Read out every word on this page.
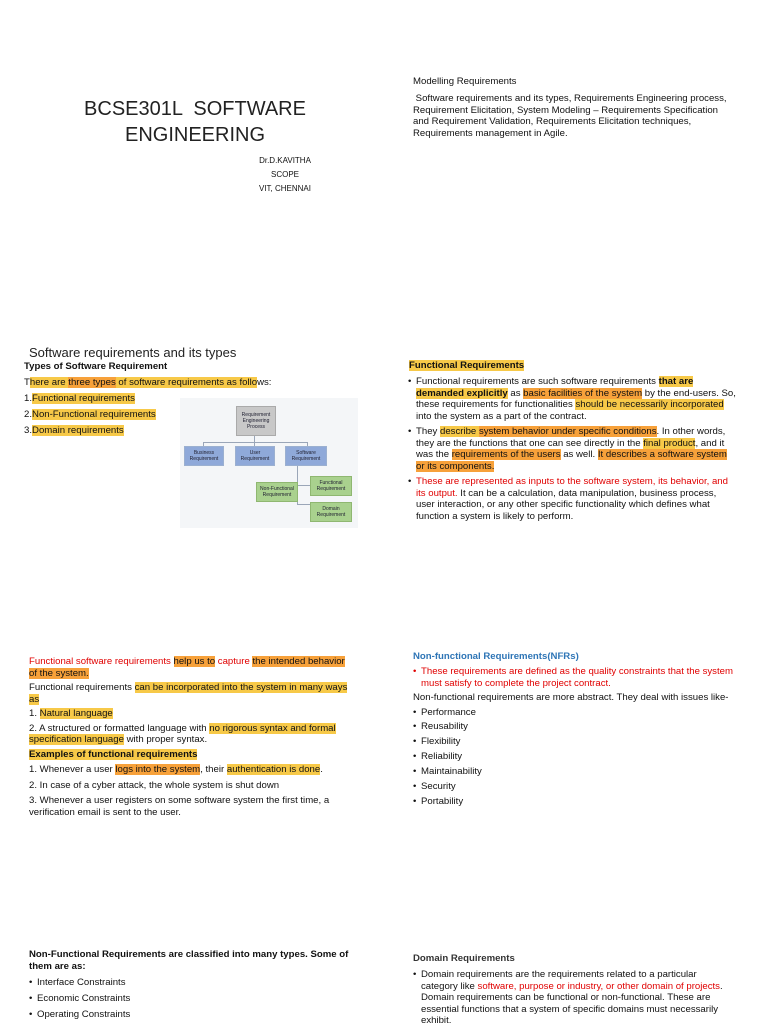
BCSE301L  SOFTWARE
ENGINEERING
Dr.D.KAVITHA
SCOPE
VIT, CHENNAI
Modelling Requirements
Software requirements and its types, Requirements Engineering process, Requirement Elicitation, System Modeling – Requirements Specification and Requirement Validation, Requirements Elicitation techniques, Requirements management in Agile.
Software requirements and its types
Types of Software Requirement
There are three types of software requirements as follows:
1.Functional requirements
2.Non-Functional requirements
3.Domain requirements
Requirement Engineering Process
Business Requirement
User Requirement
Software Requirement
Functional Requirement
Non-Functional Requirement
Domain Requirement
Functional Requirements
• Functional requirements are such software requirements that are demanded explicitly as basic facilities of the system by the end-users. So, these requirements for functionalities should be necessarily incorporated into the system as a part of the contract.
• They describe system behavior under specific conditions. In other words, they are the functions that one can see directly in the final product, and it was the requirements of the users as well. It describes a software system or its components.
• These are represented as inputs to the software system, its behavior, and its output. It can be a calculation, data manipulation, business process, user interaction, or any other specific functionality which defines what function a system is likely to perform.
Functional software requirements help us to capture the intended behavior of the system.
Functional requirements can be incorporated into the system in many ways as
1. Natural language
2. A structured or formatted language with no rigorous syntax and formal specification language with proper syntax.
Examples of functional requirements
1. Whenever a user logs into the system, their authentication is done.
2. In case of a cyber attack, the whole system is shut down
3. Whenever a user registers on some software system the first time, a verification email is sent to the user.
Non-functional Requirements(NFRs)
• These requirements are defined as the quality constraints that the system must satisfy to complete the project contract.
Non-functional requirements are more abstract. They deal with issues like-
• Performance
• Reusability
• Flexibility
• Reliability
• Maintainability
• Security
• Portability
Non-Functional Requirements are classified into many types. Some of them are as:
• Interface Constraints
• Economic Constraints
• Operating Constraints
Domain Requirements
• Domain requirements are the requirements related to a particular category like software, purpose or industry, or other domain of projects. Domain requirements can be functional or non-functional. These are essential functions that a system of specific domains must necessarily exhibit.
